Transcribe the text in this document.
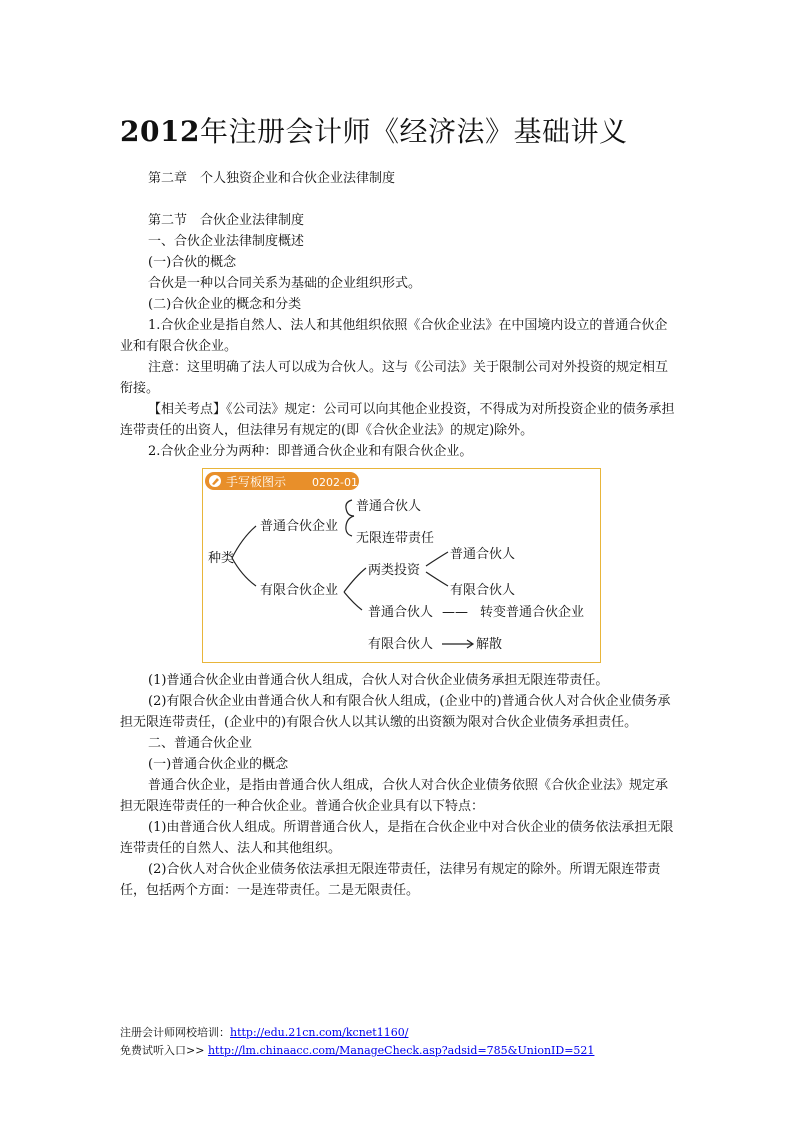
2012年注册会计师《经济法》基础讲义

第二章　个人独资企业和合伙企业法律制度

第二节　合伙企业法律制度

一、合伙企业法律制度概述

(一)合伙的概念

合伙是一种以合同关系为基础的企业组织形式。

(二)合伙企业的概念和分类

1.合伙企业是指自然人、法人和其他组织依照《合伙企业法》在中国境内设立的普通合伙企业和有限合伙企业。

注意：这里明确了法人可以成为合伙人。这与《公司法》关于限制公司对外投资的规定相互衔接。

【相关考点】《公司法》规定：公司可以向其他企业投资，不得成为对所投资企业的债务承担连带责任的出资人，但法律另有规定的(即《合伙企业法》的规定)除外。

2.合伙企业分为两种：即普通合伙企业和有限合伙企业。

手写板图示 0202-01
种类
普通合伙企业
普通合伙人
无限连带责任
有限合伙企业
两类投资
普通合伙人
有限合伙人
普通合伙人 —— 转变普通合伙企业
有限合伙人	解散

(1)普通合伙企业由普通合伙人组成，合伙人对合伙企业债务承担无限连带责任。

(2)有限合伙企业由普通合伙人和有限合伙人组成，(企业中的)普通合伙人对合伙企业债务承担无限连带责任，(企业中的)有限合伙人以其认缴的出资额为限对合伙企业债务承担责任。

二、普通合伙企业

(一)普通合伙企业的概念

普通合伙企业，是指由普通合伙人组成，合伙人对合伙企业债务依照《合伙企业法》规定承担无限连带责任的一种合伙企业。普通合伙企业具有以下特点：

(1)由普通合伙人组成。所谓普通合伙人，是指在合伙企业中对合伙企业的债务依法承担无限连带责任的自然人、法人和其他组织。

(2)合伙人对合伙企业债务依法承担无限连带责任，法律另有规定的除外。所谓无限连带责任，包括两个方面：一是连带责任。二是无限责任。

注册会计师网校培训：http://edu.21cn.com/kcnet1160/
免费试听入口>> http://lm.chinaacc.com/ManageCheck.asp?adsid=785&UnionID=521
